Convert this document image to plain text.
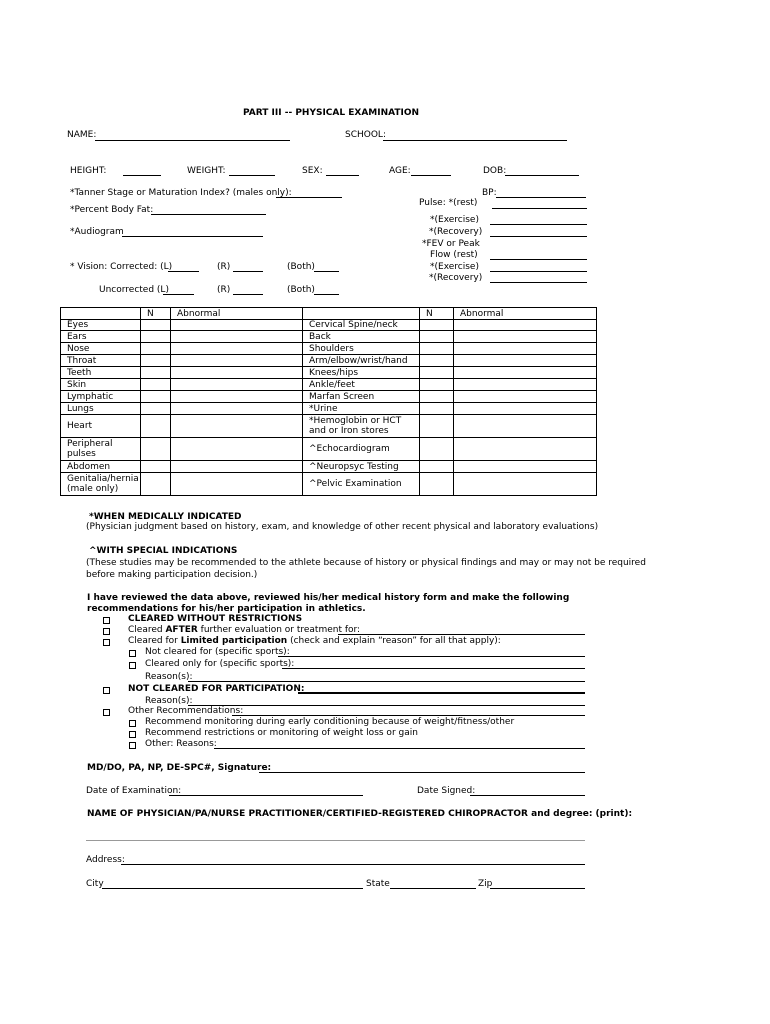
PART III -- PHYSICAL EXAMINATION
NAME:	SCHOOL:
HEIGHT:	WEIGHT:	SEX:	AGE:	DOB:
*Tanner Stage or Maturation Index? (males only):	BP:
*Percent Body Fat:
Pulse: *(rest)
*Audiogram
*(Exercise)
*(Recovery)
*FEV or Peak
Flow (rest)
*(Exercise)
*(Recovery)
* Vision: Corrected: (L)	(R)	(Both)
Uncorrected (L)	(R)	(Both)
	N	Abnormal		N	Abnormal

Eyes			Cervical Spine/neck		

Ears			Back		

Nose			Shoulders		

Throat			Arm/elbow/wrist/hand		

Teeth			Knees/hips		

Skin			Ankle/feet		

Lymphatic			Marfan Screen		

Lungs			*Urine		

Heart			*Hemoglobin or HCT
and or Iron stores		

Peripheral
pulses			^Echocardiogram		

Abdomen			^Neuropsyc Testing		

Genitalia/hernia
(male only)			^Pelvic Examination		

*WHEN MEDICALLY INDICATED
(Physician judgment based on history, exam, and knowledge of other recent physical and laboratory evaluations)
^WITH SPECIAL INDICATIONS
(These studies may be recommended to the athlete because of history or physical findings and may or may not be required
before making participation decision.)
I have reviewed the data above, reviewed his/her medical history form and make the following
recommendations for his/her participation in athletics.
CLEARED WITHOUT RESTRICTIONS
Cleared AFTER further evaluation or treatment for:
Cleared for Limited participation (check and explain “reason” for all that apply):
Not cleared for (specific sports):
Cleared only for (specific sports):
Reason(s):
NOT CLEARED FOR PARTICIPATION:
Reason(s):
Other Recommendations:
Recommend monitoring during early conditioning because of weight/fitness/other
Recommend restrictions or monitoring of weight loss or gain
Other: Reasons:
MD/DO, PA, NP, DE-SPC#, Signature:
Date of Examination:	Date Signed:
NAME OF PHYSICIAN/PA/NURSE PRACTITIONER/CERTIFIED-REGISTERED CHIROPRACTOR and degree: (print):
Address:
City	State	Zip
